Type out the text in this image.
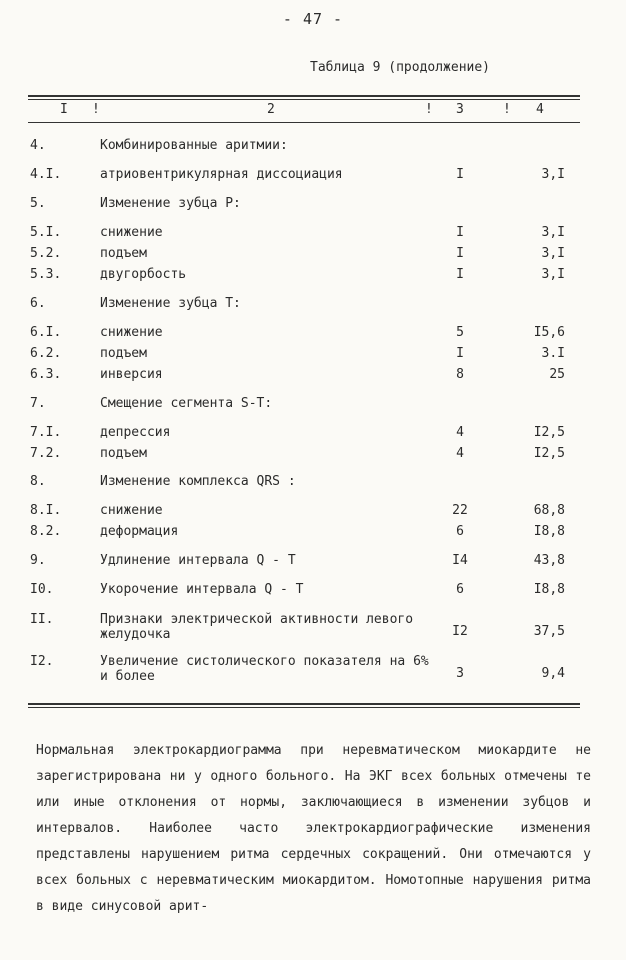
- 47 -
Таблица 9 (продолжение)
I !	2	! 3	! 4
4.	Комбинированные аритмии:
4.I.	атриовентрикулярная диссоциация	I	3,I
5.	Изменение зубца Р:
5.I.	снижение	I	3,I
5.2.	подъем	I	3,I
5.3.	двугорбость	I	3,I
6.	Изменение зубца Т:
6.I.	снижение	5	I5,6
6.2.	подъем	I	3.I
6.3.	инверсия	8	25
7.	Смещение сегмента S-T:
7.I.	депрессия	4	I2,5
7.2.	подъем	4	I2,5
8.	Изменение комплекса QRS :
8.I.	снижение	22	68,8
8.2.	деформация	6	I8,8
9.	Удлинение интервала Q - T	I4	43,8
I0.	Укорочение интервала Q - T	6	I8,8
II.	Признаки электрической активности левого желудочка	I2	37,5
I2.	Увеличение систолического показателя на 6% и более	3	9,4
Нормальная электрокардиограмма при неревматическом миокардите не зарегистрирована ни у одного больного. На ЭКГ всех больных отмечены те или иные отклонения от нормы, заключающиеся в изменении зубцов и интервалов. Наиболее часто электрокардиографические изменения представлены нарушением ритма сердечных сокращений. Они отмечаются у всех больных с неревматическим миокардитом. Номотопные нарушения ритма в виде синусовой арит-
